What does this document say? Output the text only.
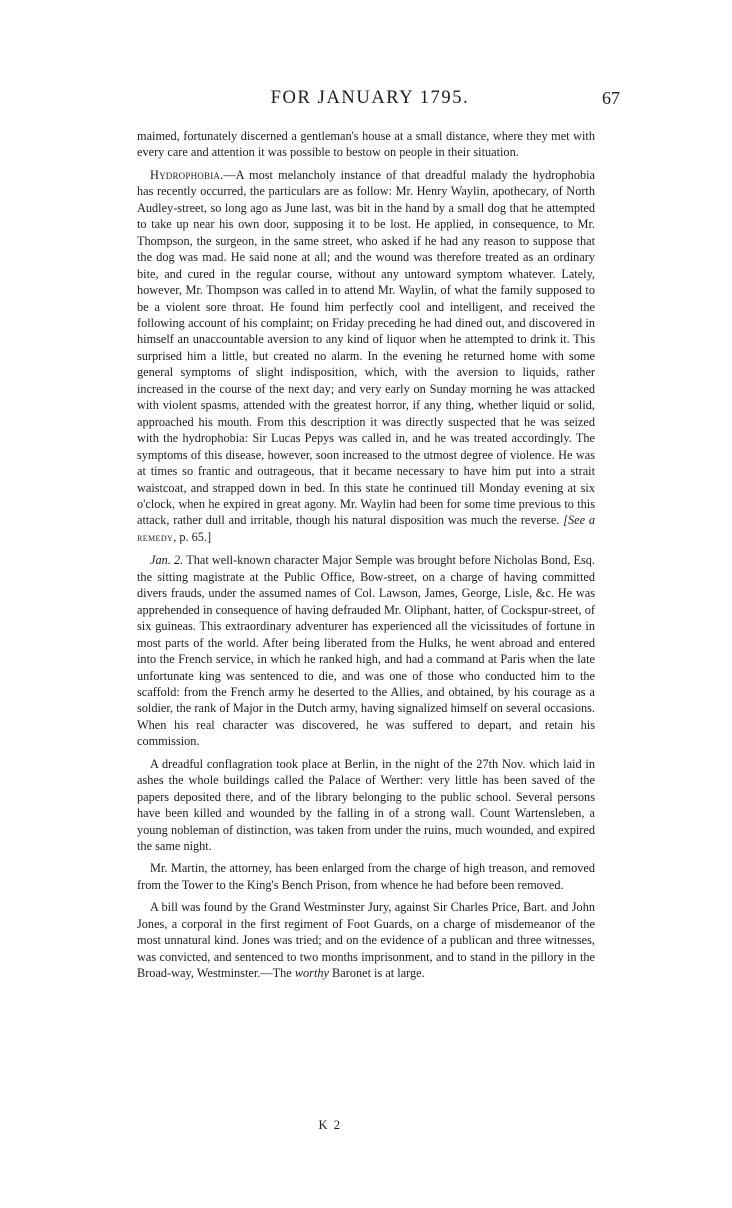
FOR JANUARY 1795.	67

maimed, fortunately discerned a gentleman's house at a small distance, where they met with every care and attention it was possible to bestow on people in their situation.

Hydrophobia.—A most melancholy instance of that dreadful malady the hydrophobia has recently occurred, the particulars are as follow: Mr. Henry Waylin, apothecary, of North Audley-street, so long ago as June last, was bit in the hand by a small dog that he attempted to take up near his own door, supposing it to be lost. He applied, in consequence, to Mr. Thompson, the surgeon, in the same street, who asked if he had any reason to suppose that the dog was mad. He said none at all; and the wound was therefore treated as an ordinary bite, and cured in the regular course, without any untoward symptom whatever. Lately, however, Mr. Thompson was called in to attend Mr. Waylin, of what the family supposed to be a violent sore throat. He found him perfectly cool and intelligent, and received the following account of his complaint; on Friday preceding he had dined out, and discovered in himself an unaccountable aversion to any kind of liquor when he attempted to drink it. This surprised him a little, but created no alarm. In the evening he returned home with some general symptoms of slight indisposition, which, with the aversion to liquids, rather increased in the course of the next day; and very early on Sunday morning he was attacked with violent spasms, attended with the greatest horror, if any thing, whether liquid or solid, approached his mouth. From this description it was directly suspected that he was seized with the hydrophobia: Sir Lucas Pepys was called in, and he was treated accordingly. The symptoms of this disease, however, soon increased to the utmost degree of violence. He was at times so frantic and outrageous, that it became necessary to have him put into a strait waistcoat, and strapped down in bed. In this state he continued till Monday evening at six o'clock, when he expired in great agony. Mr. Waylin had been for some time previous to this attack, rather dull and irritable, though his natural disposition was much the reverse. [See a remedy, p. 65.]

Jan. 2. That well-known character Major Semple was brought before Nicholas Bond, Esq. the sitting magistrate at the Public Office, Bow-street, on a charge of having committed divers frauds, under the assumed names of Col. Lawson, James, George, Lisle, &c. He was apprehended in consequence of having defrauded Mr. Oliphant, hatter, of Cockspur-street, of six guineas. This extraordinary adventurer has experienced all the vicissitudes of fortune in most parts of the world. After being liberated from the Hulks, he went abroad and entered into the French service, in which he ranked high, and had a command at Paris when the late unfortunate king was sentenced to die, and was one of those who conducted him to the scaffold: from the French army he deserted to the Allies, and obtained, by his courage as a soldier, the rank of Major in the Dutch army, having signalized himself on several occasions. When his real character was discovered, he was suffered to depart, and retain his commission.

A dreadful conflagration took place at Berlin, in the night of the 27th Nov. which laid in ashes the whole buildings called the Palace of Werther: very little has been saved of the papers deposited there, and of the library belonging to the public school. Several persons have been killed and wounded by the falling in of a strong wall. Count Wartensleben, a young nobleman of distinction, was taken from under the ruins, much wounded, and expired the same night.

Mr. Martin, the attorney, has been enlarged from the charge of high treason, and removed from the Tower to the King's Bench Prison, from whence he had before been removed.

A bill was found by the Grand Westminster Jury, against Sir Charles Price, Bart. and John Jones, a corporal in the first regiment of Foot Guards, on a charge of misdemeanor of the most unnatural kind. Jones was tried; and on the evidence of a publican and three witnesses, was convicted, and sentenced to two months imprisonment, and to stand in the pillory in the Broad-way, Westminster.—The worthy Baronet is at large.

K 2
